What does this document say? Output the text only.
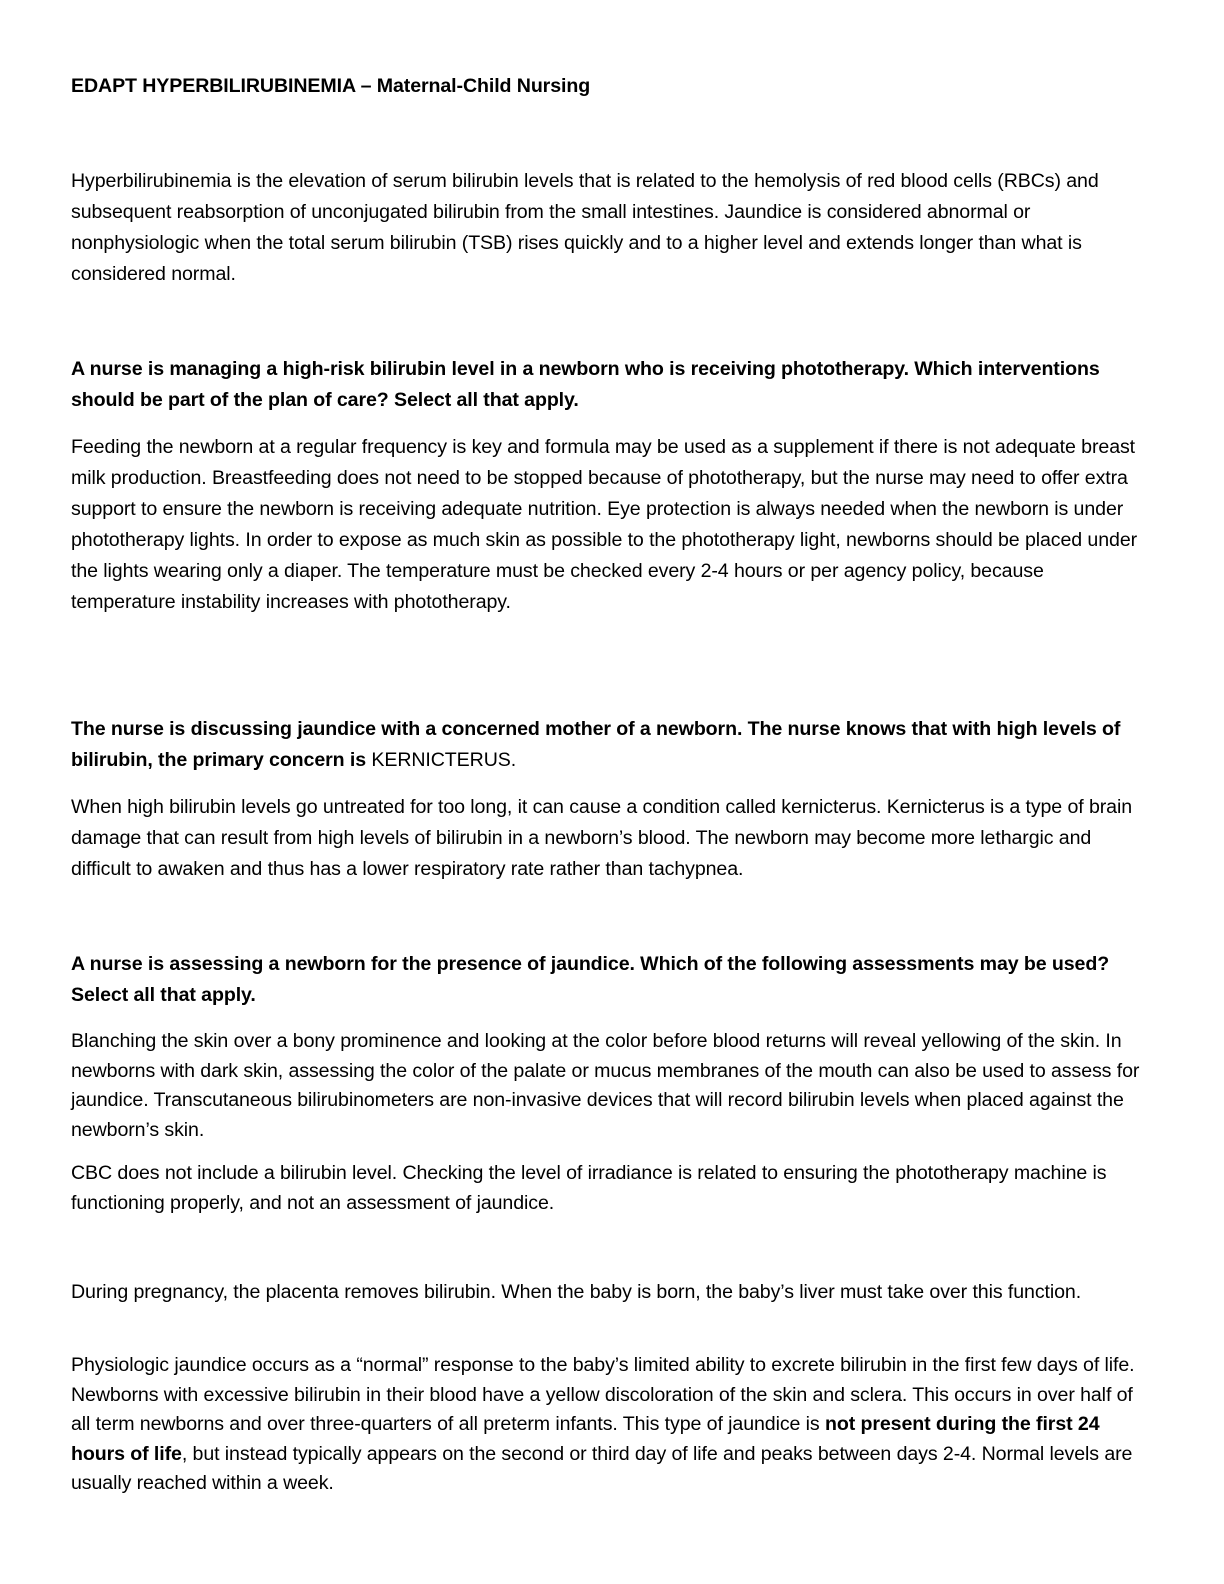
EDAPT HYPERBILIRUBINEMIA – Maternal-Child Nursing

Hyperbilirubinemia is the elevation of serum bilirubin levels that is related to the hemolysis of red blood cells (RBCs) and subsequent reabsorption of unconjugated bilirubin from the small intestines. Jaundice is considered abnormal or nonphysiologic when the total serum bilirubin (TSB) rises quickly and to a higher level and extends longer than what is considered normal.

A nurse is managing a high-risk bilirubin level in a newborn who is receiving phototherapy. Which interventions should be part of the plan of care? Select all that apply.

Feeding the newborn at a regular frequency is key and formula may be used as a supplement if there is not adequate breast milk production. Breastfeeding does not need to be stopped because of phototherapy, but the nurse may need to offer extra support to ensure the newborn is receiving adequate nutrition. Eye protection is always needed when the newborn is under phototherapy lights. In order to expose as much skin as possible to the phototherapy light, newborns should be placed under the lights wearing only a diaper. The temperature must be checked every 2-4 hours or per agency policy, because temperature instability increases with phototherapy.

The nurse is discussing jaundice with a concerned mother of a newborn. The nurse knows that with high levels of bilirubin, the primary concern is KERNICTERUS.

When high bilirubin levels go untreated for too long, it can cause a condition called kernicterus. Kernicterus is a type of brain damage that can result from high levels of bilirubin in a newborn’s blood. The newborn may become more lethargic and difficult to awaken and thus has a lower respiratory rate rather than tachypnea.

A nurse is assessing a newborn for the presence of jaundice. Which of the following assessments may be used? Select all that apply.

Blanching the skin over a bony prominence and looking at the color before blood returns will reveal yellowing of the skin. In newborns with dark skin, assessing the color of the palate or mucus membranes of the mouth can also be used to assess for jaundice. Transcutaneous bilirubinometers are non-invasive devices that will record bilirubin levels when placed against the newborn’s skin.

CBC does not include a bilirubin level. Checking the level of irradiance is related to ensuring the phototherapy machine is functioning properly, and not an assessment of jaundice.

During pregnancy, the placenta removes bilirubin. When the baby is born, the baby’s liver must take over this function.

Physiologic jaundice occurs as a “normal” response to the baby’s limited ability to excrete bilirubin in the first few days of life. Newborns with excessive bilirubin in their blood have a yellow discoloration of the skin and sclera. This occurs in over half of all term newborns and over three-quarters of all preterm infants. This type of jaundice is not present during the first 24 hours of life, but instead typically appears on the second or third day of life and peaks between days 2-4. Normal levels are usually reached within a week.
